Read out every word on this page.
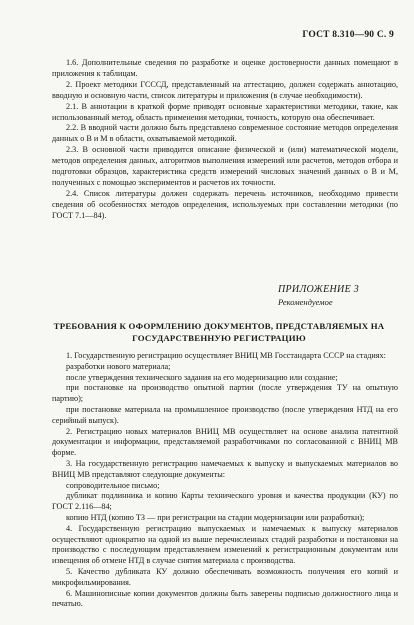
ГОСТ 8.310—90 С. 9

1.6. Дополнительные сведения по разработке и оценке достоверности данных помещают в приложения к таблицам.

2. Проект методики ГСССД, представленный на аттестацию, должен содержать аннотацию, вводную и основную части, список литературы и приложения (в случае необходимости).

2.1. В аннотации в краткой форме приводят основные характеристики методики, такие, как использованный метод, область применения методики, точность, которую она обеспечивает.

2.2. В вводной части должно быть представлено современное состояние методов определения данных о В и М в области, охватываемой методикой.

2.3. В основной части приводится описание физической и (или) математической модели, методов определения данных, алгоритмов выполнения измерений или расчетов, методов отбора и подготовки образцов, характеристика средств измерений числовых значений данных о В и М, полученных с помощью экспериментов и расчетов их точности.

2.4. Список литературы должен содержать перечень источников, необходимо привести сведения об особенностях методов определения, используемых при составлении методики (по ГОСТ 7.1—84).

ПРИЛОЖЕНИЕ 3
Рекомендуемое
ТРЕБОВАНИЯ К ОФОРМЛЕНИЮ ДОКУМЕНТОВ, ПРЕДСТАВЛЯЕМЫХ НА ГОСУДАРСТВЕННУЮ РЕГИСТРАЦИЮ

1. Государственную регистрацию осуществляет ВНИЦ МВ Госстандарта СССР на стадиях:

разработки нового материала;

после утверждения технического задания на его модернизацию или создание;

при постановке на производство опытной партии (после утверждения ТУ на опытную партию);

при постановке материала на промышленное производство (после утверждения НТД на его серийный выпуск).

2. Регистрацию новых материалов ВНИЦ МВ осуществляет на основе анализа патентной документации и информации, представляемой разработчиками по согласованной с ВНИЦ МВ форме.

3. На государственную регистрацию намечаемых к выпуску и выпускаемых материалов во ВНИЦ МВ представляют следующие документы:

сопроводительное письмо;

дубликат подлинника и копию Карты технического уровня и качества продукции (КУ) по ГОСТ 2.116—84;

копию НТД (копию ТЗ — при регистрации на стадии модернизации или разработки);

4. Государственную регистрацию выпускаемых и намечаемых к выпуску материалов осуществляют однократно на одной из выше перечисленных стадий разработки и постановки на производство с последующим представлением изменений к регистрационным документам или извещения об отмене НТД в случае снятия материала с производства.

5. Качество дубликата КУ должно обеспечивать возможность получения его копий и микрофильмирования.

6. Машинописные копии документов должны быть заверены подписью должностного лица и печатью.
